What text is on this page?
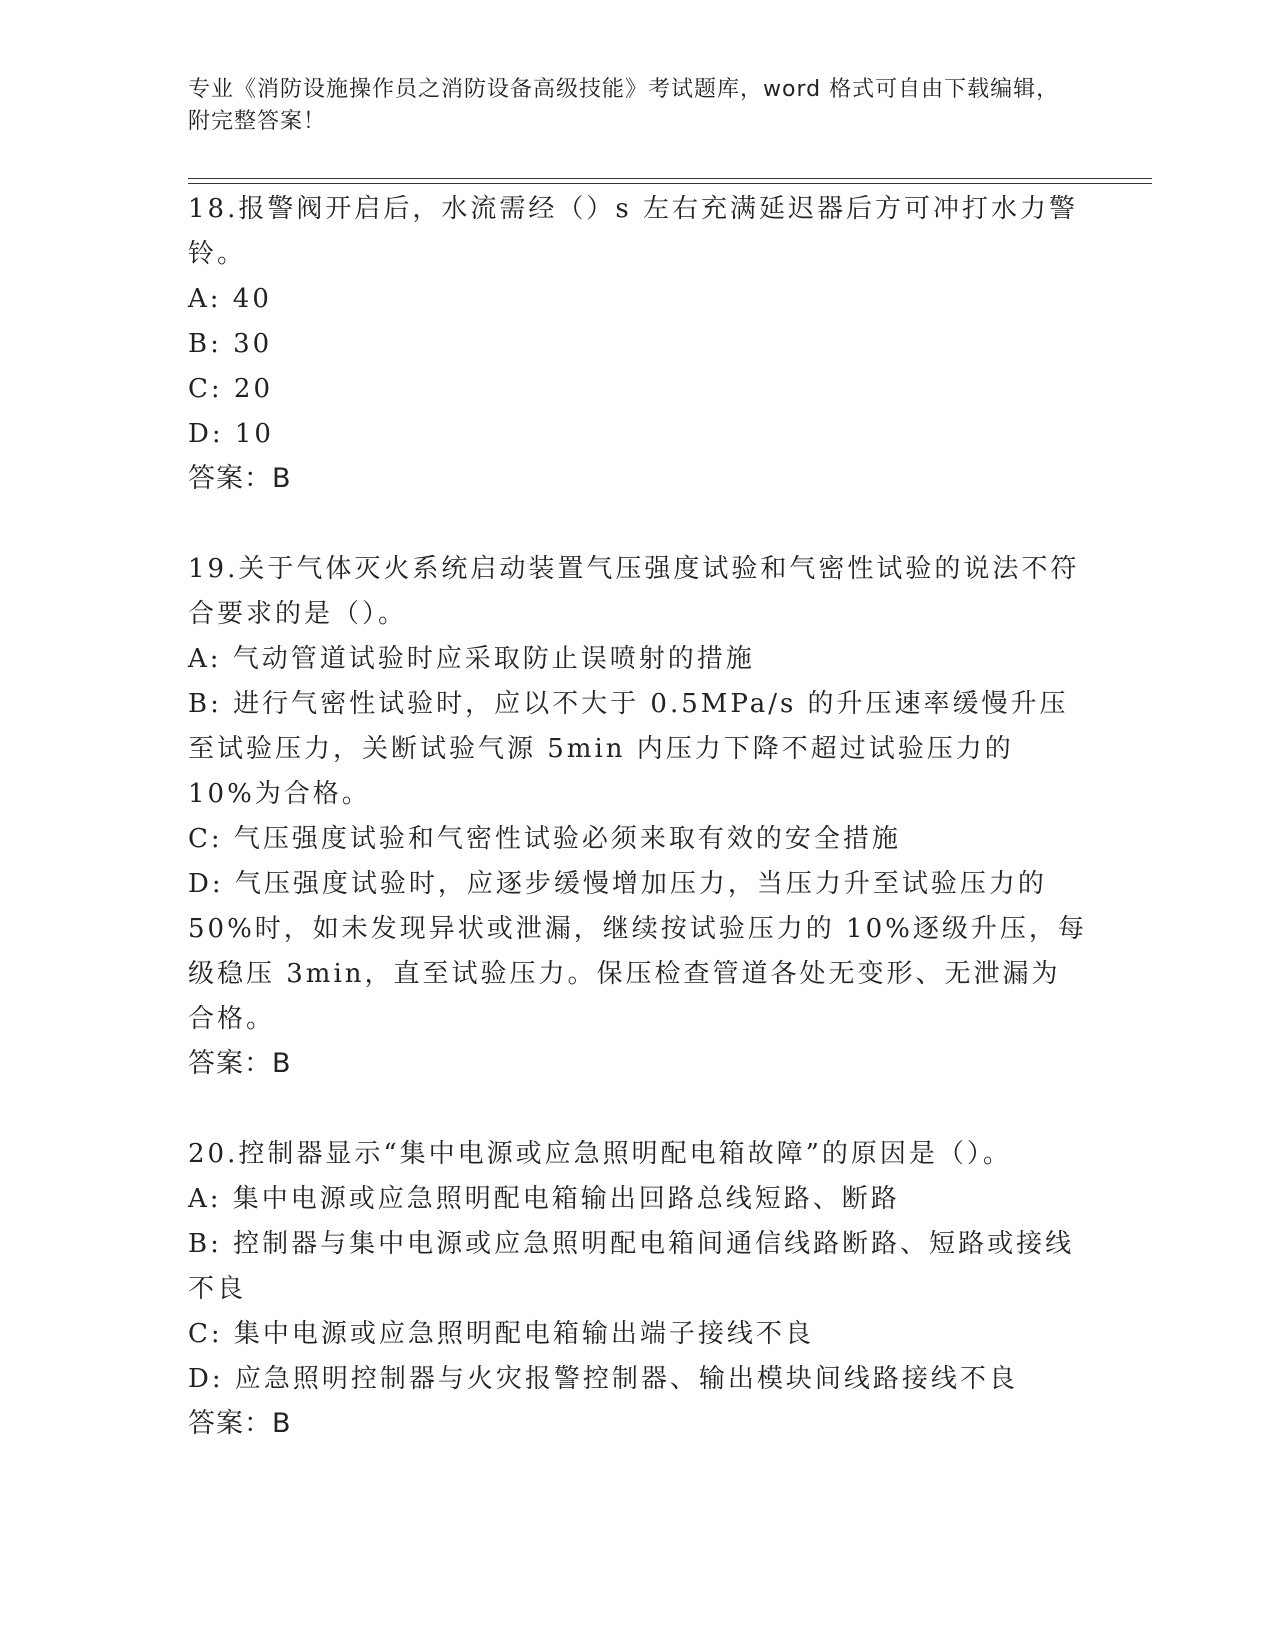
专业《消防设施操作员之消防设备高级技能》考试题库，word 格式可自由下载编辑，附完整答案！

18.报警阀开启后，水流需经（）s 左右充满延迟器后方可冲打水力警铃。

A: 40

B: 30

C: 20

D: 10

答案：B

19.关于气体灭火系统启动装置气压强度试验和气密性试验的说法不符合要求的是（）。

A: 气动管道试验时应采取防止误喷射的措施

B: 进行气密性试验时，应以不大于 0.5MPa/s 的升压速率缓慢升压至试验压力，关断试验气源 5min 内压力下降不超过试验压力的 10%为合格。

C: 气压强度试验和气密性试验必须来取有效的安全措施

D: 气压强度试验时，应逐步缓慢增加压力，当压力升至试验压力的50%时，如未发现异状或泄漏，继续按试验压力的 10%逐级升压，每级稳压 3min，直至试验压力。保压检查管道各处无变形、无泄漏为合格。

答案：B

20.控制器显示“集中电源或应急照明配电箱故障”的原因是（）。

A: 集中电源或应急照明配电箱输出回路总线短路、断路

B: 控制器与集中电源或应急照明配电箱间通信线路断路、短路或接线不良

C: 集中电源或应急照明配电箱输出端子接线不良

D: 应急照明控制器与火灾报警控制器、输出模块间线路接线不良

答案：B
